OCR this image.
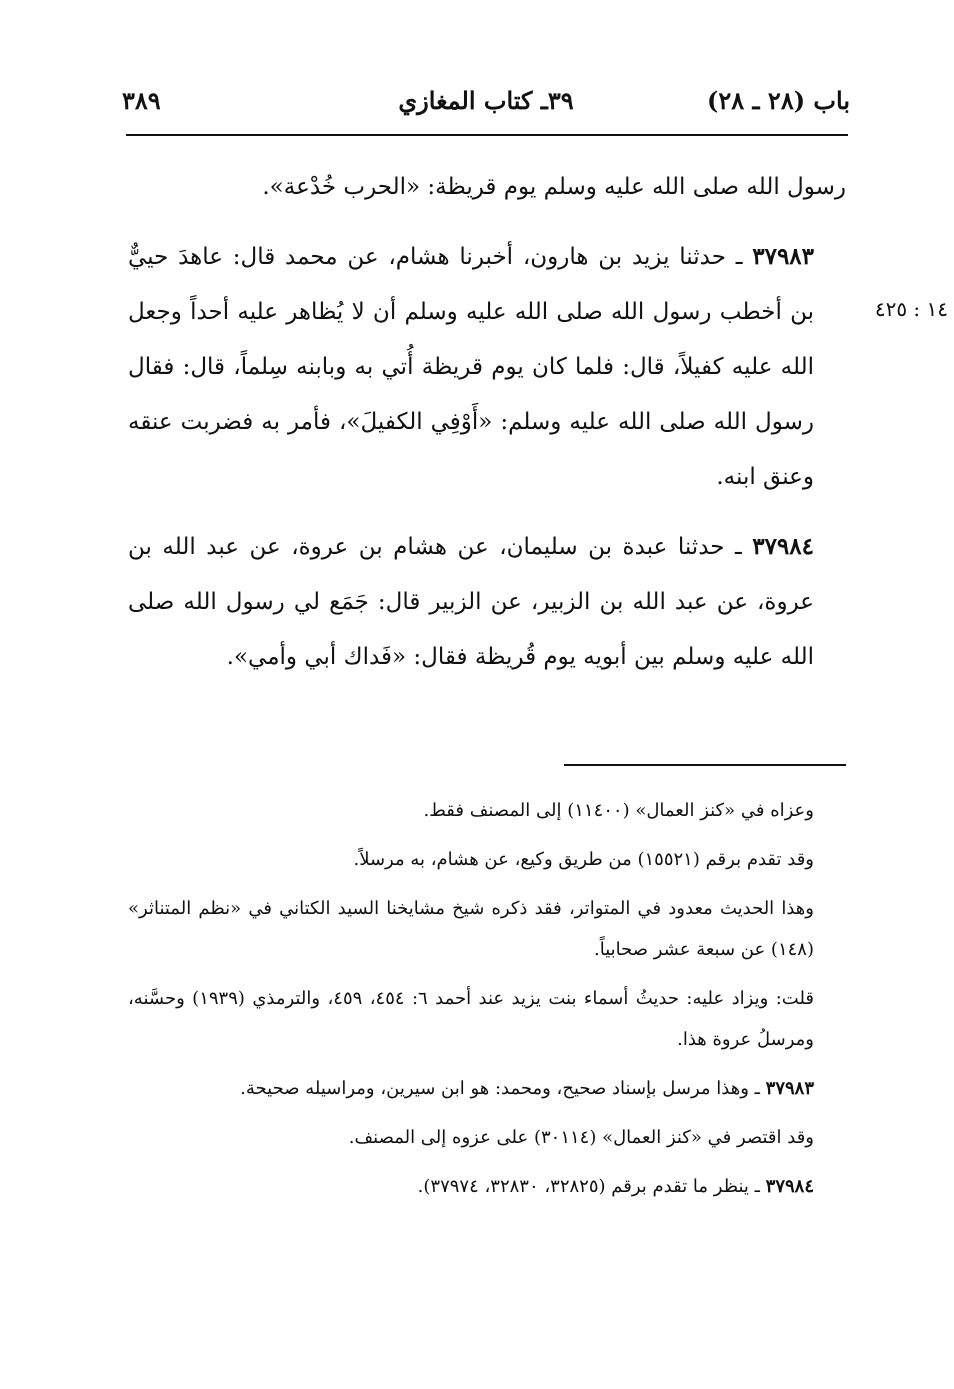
٣٨٩	٣٩ـ كتاب المغازي	باب (٢٨ ـ ٢٨)
١٤ : ٤٢٥

رسول الله صلى الله عليه وسلم يوم قريظة: «الحرب خُدْعة».

٣٧٩٨٣ ـ حدثنا يزيد بن هارون، أخبرنا هشام، عن محمد قال: عاهدَ حييٌّ بن أخطب رسول الله صلى الله عليه وسلم أن لا يُظاهر عليه أحداً وجعل الله عليه كفيلاً، قال: فلما كان يوم قريظة أُتي به وبابنه سِلماً، قال: فقال رسول الله صلى الله عليه وسلم: «أَوْفِي الكفيلَ»، فأمر به فضربت عنقه وعنق ابنه.

٣٧٩٨٤ ـ حدثنا عبدة بن سليمان، عن هشام بن عروة، عن عبد الله بن عروة، عن عبد الله بن الزبير، عن الزبير قال: جَمَع لي رسول الله صلى الله عليه وسلم بين أبويه يوم قُريظة فقال: «فَداك أبي وأمي».

وعزاه في «كنز العمال» (١١٤٠٠) إلى المصنف فقط.

وقد تقدم برقم (١٥٥٢١) من طريق وكيع، عن هشام، به مرسلاً.

وهذا الحديث معدود في المتواتر، فقد ذكره شيخ مشايخنا السيد الكتاني في «نظم المتناثر» (١٤٨) عن سبعة عشر صحابياً.

قلت: ويزاد عليه: حديثُ أسماء بنت يزيد عند أحمد ٦: ٤٥٤، ٤٥٩، والترمذي (١٩٣٩) وحسَّنه، ومرسلُ عروة هذا.

٣٧٩٨٣ ـ وهذا مرسل بإسناد صحيح، ومحمد: هو ابن سيرين، ومراسيله صحيحة.

وقد اقتصر في «كنز العمال» (٣٠١١٤) على عزوه إلى المصنف.

٣٧٩٨٤ ـ ينظر ما تقدم برقم (٣٢٨٢٥، ٣٢٨٣٠، ٣٧٩٧٤).
